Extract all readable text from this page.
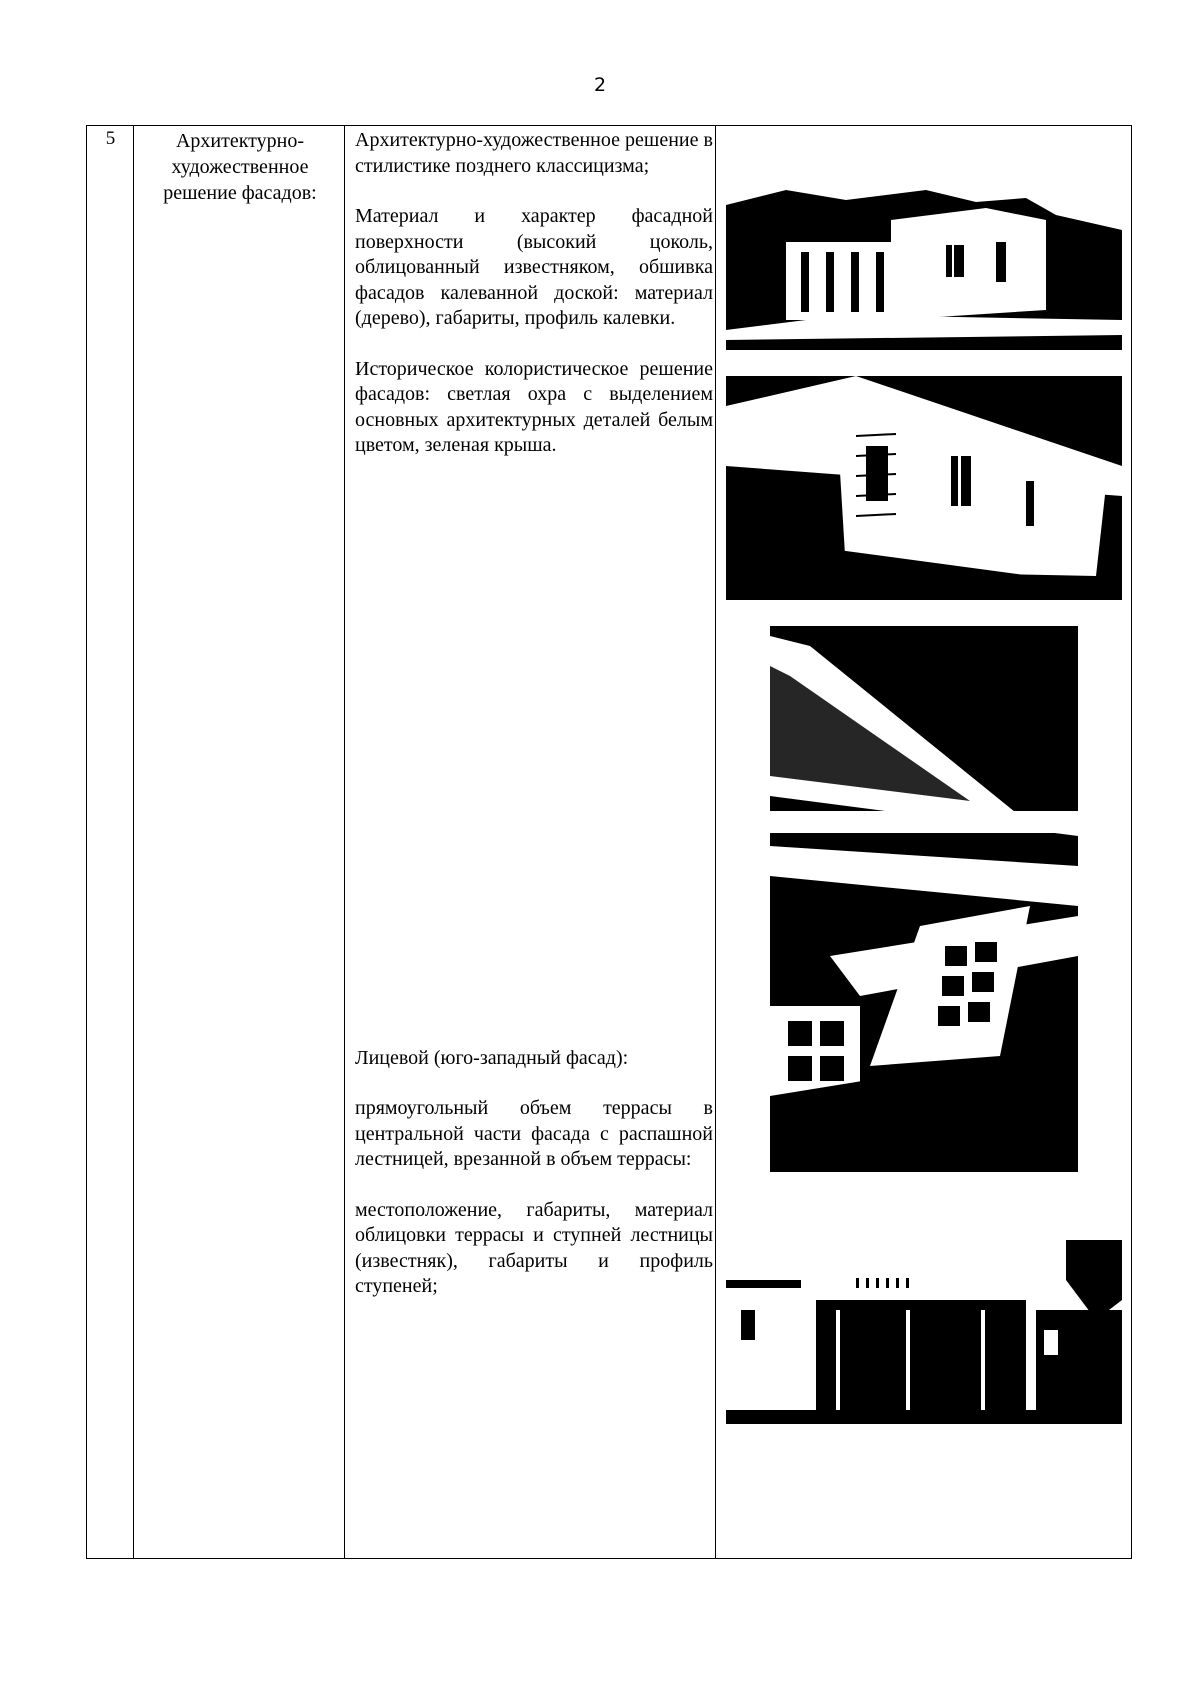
2
5	Архитектурно-художественное решение фасадов:

Архитектурно-художественное решение в стилистике позднего классицизма;

Материал и характер фасадной поверхности (высокий цоколь, облицованный известняком, обшивка фасадов калеванной доской: материал (дерево), габариты, профиль калевки.

Историческое колористическое решение фасадов: светлая охра с выделением основных архитектурных деталей белым цветом, зеленая крыша.

Лицевой (юго-западный фасад):

прямоугольный объем террасы в центральной части фасада с распашной лестницей, врезанной в объем террасы:

местоположение, габариты, материал облицовки террасы и ступней лестницы (известняк), габариты и профиль ступеней;
